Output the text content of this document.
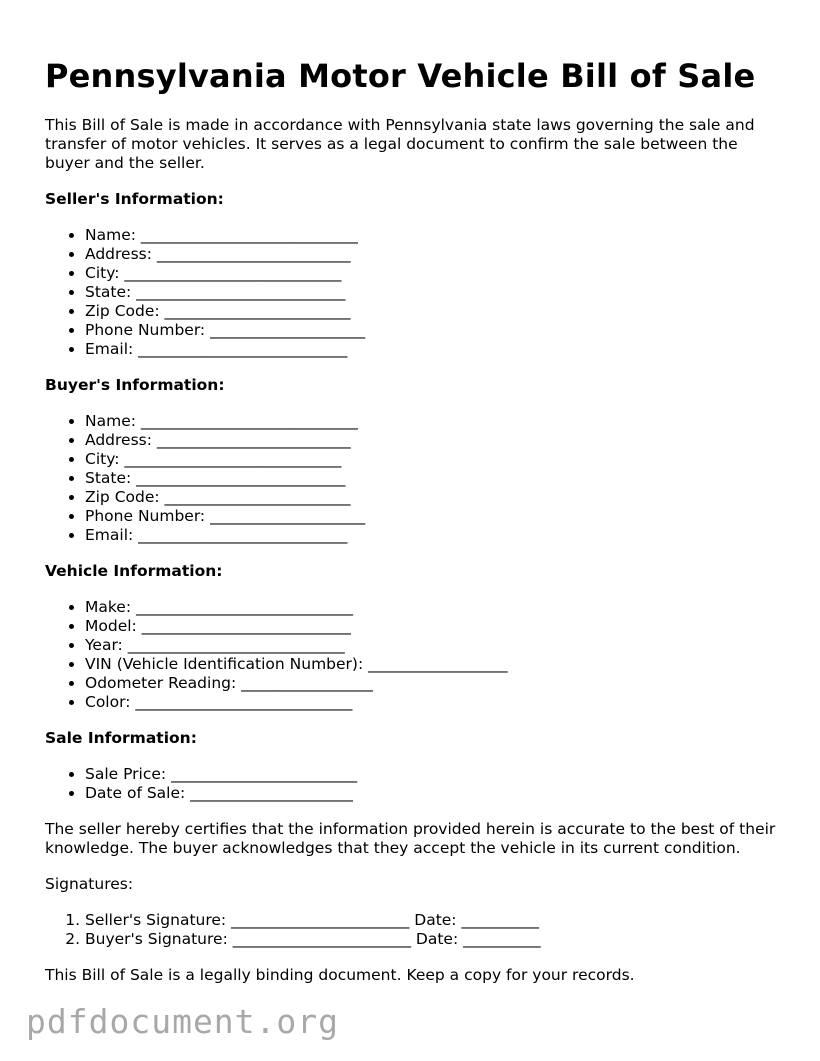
Pennsylvania Motor Vehicle Bill of Sale

This Bill of Sale is made in accordance with Pennsylvania state laws governing the sale and transfer of motor vehicles. It serves as a legal document to confirm the sale between the buyer and the seller.

Seller's Information:
• Name: ____________________________
• Address: _________________________
• City: ____________________________
• State: ___________________________
• Zip Code: ________________________
• Phone Number: ____________________
• Email: ___________________________
Buyer's Information:
• Name: ____________________________
• Address: _________________________
• City: ____________________________
• State: ___________________________
• Zip Code: ________________________
• Phone Number: ____________________
• Email: ___________________________
Vehicle Information:
• Make: ____________________________
• Model: ___________________________
• Year: ____________________________
• VIN (Vehicle Identification Number): __________________
• Odometer Reading: _________________
• Color: ____________________________
Sale Information:
• Sale Price: ________________________
• Date of Sale: _____________________

The seller hereby certifies that the information provided herein is accurate to the best of their knowledge. The buyer acknowledges that they accept the vehicle in its current condition.

Signatures:

1. Seller's Signature: _______________________ Date: __________
2. Buyer's Signature: _______________________ Date: __________

This Bill of Sale is a legally binding document. Keep a copy for your records.

pdfdocument.org
